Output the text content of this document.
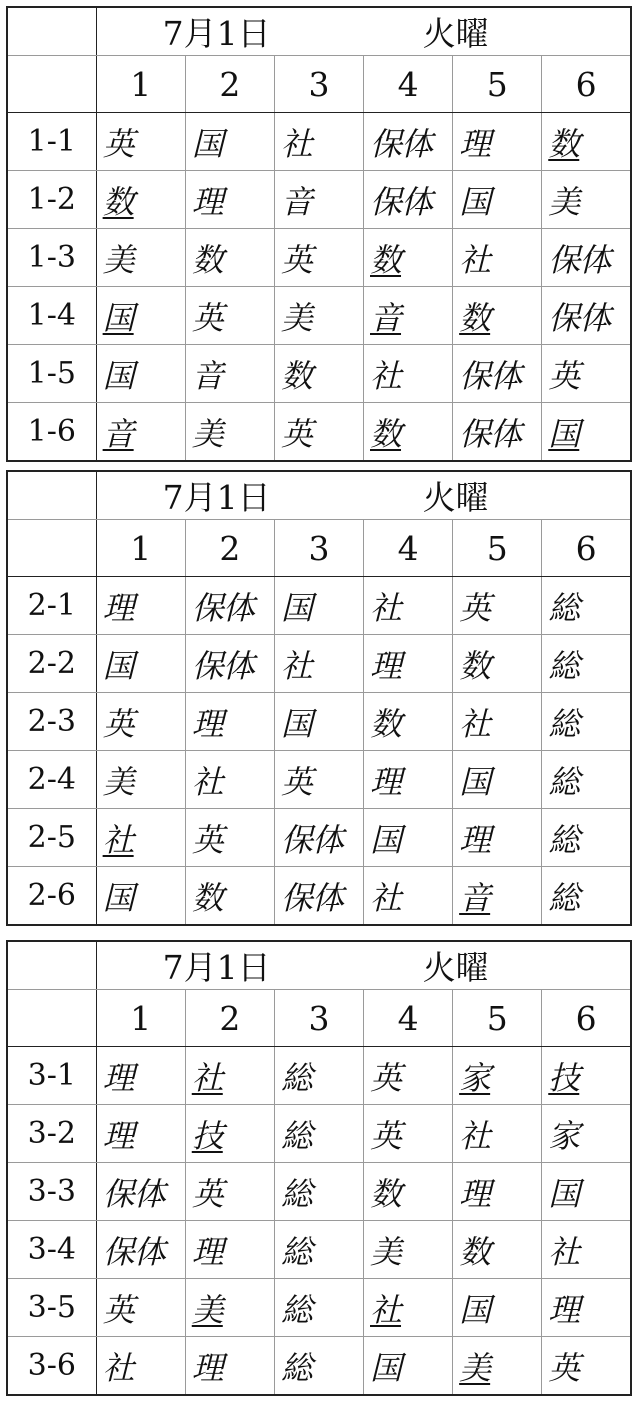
	7月1日 火曜					
	1	2	3	4	5	6
1-1	英	国	社	保体	理	数
1-2	数	理	音	保体	国	美
1-3	美	数	英	数	社	保体
1-4	国	英	美	音	数	保体
1-5	国	音	数	社	保体	英
1-6	音	美	英	数	保体	国
	7月1日 火曜					
	1	2	3	4	5	6
2-1	理	保体	国	社	英	総
2-2	国	保体	社	理	数	総
2-3	英	理	国	数	社	総
2-4	美	社	英	理	国	総
2-5	社	英	保体	国	理	総
2-6	国	数	保体	社	音	総
	7月1日 火曜					
	1	2	3	4	5	6
3-1	理	社	総	英	家	技
3-2	理	技	総	英	社	家
3-3	保体	英	総	数	理	国
3-4	保体	理	総	美	数	社
3-5	英	美	総	社	国	理
3-6	社	理	総	国	美	英
